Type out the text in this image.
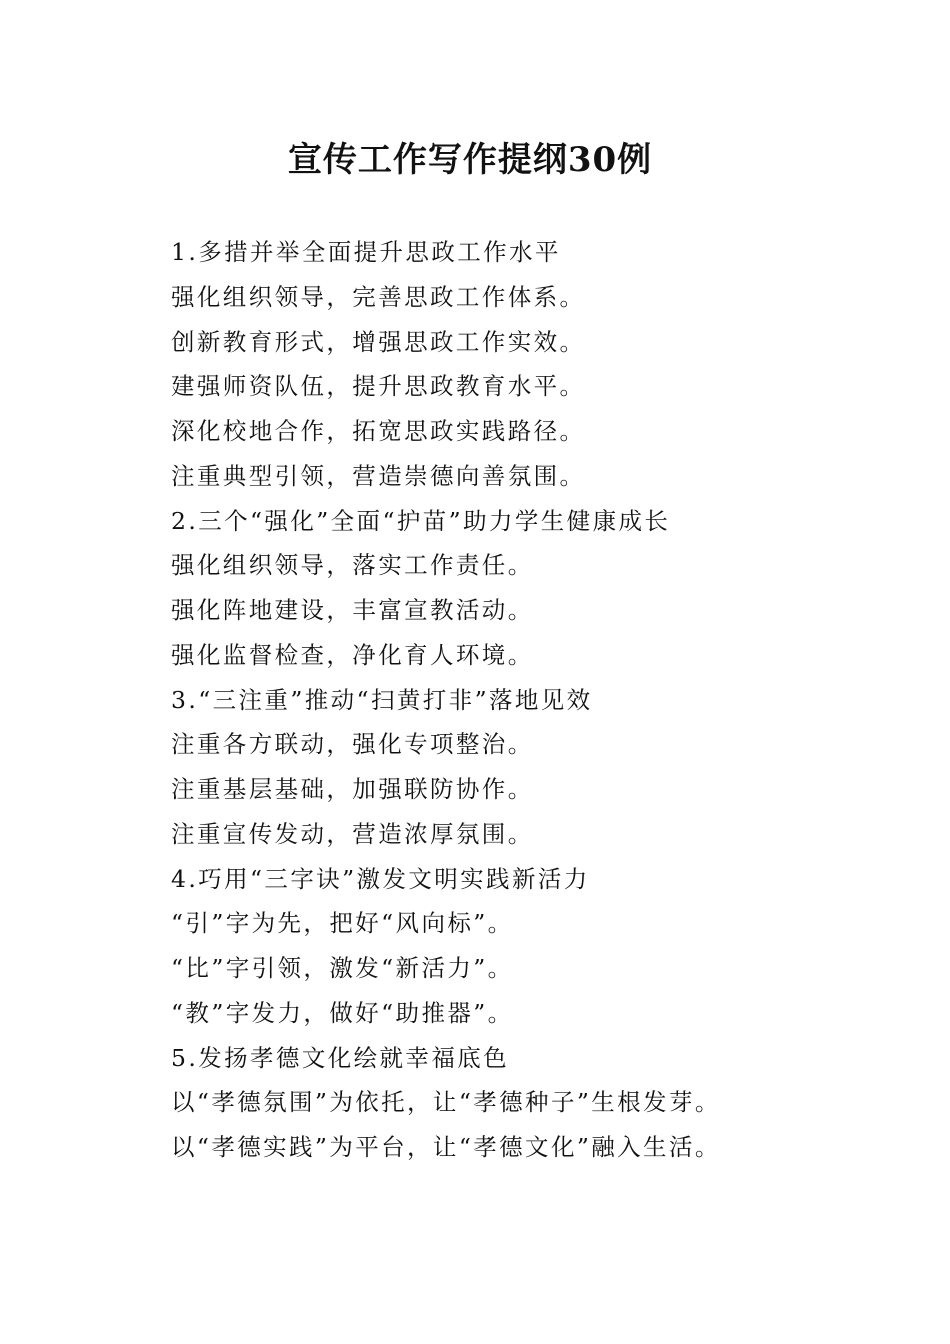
宣传工作写作提纲30例
1.多措并举全面提升思政工作水平
强化组织领导，完善思政工作体系。
创新教育形式，增强思政工作实效。
建强师资队伍，提升思政教育水平。
深化校地合作，拓宽思政实践路径。
注重典型引领，营造崇德向善氛围。
2.三个“强化”全面“护苗”助力学生健康成长
强化组织领导，落实工作责任。
强化阵地建设，丰富宣教活动。
强化监督检查，净化育人环境。
3.“三注重”推动“扫黄打非”落地见效
注重各方联动，强化专项整治。
注重基层基础，加强联防协作。
注重宣传发动，营造浓厚氛围。
4.巧用“三字诀”激发文明实践新活力
“引”字为先，把好“风向标”。
“比”字引领，激发“新活力”。
“教”字发力，做好“助推器”。
5.发扬孝德文化绘就幸福底色
以“孝德氛围”为依托，让“孝德种子”生根发芽。
以“孝德实践”为平台，让“孝德文化”融入生活。
